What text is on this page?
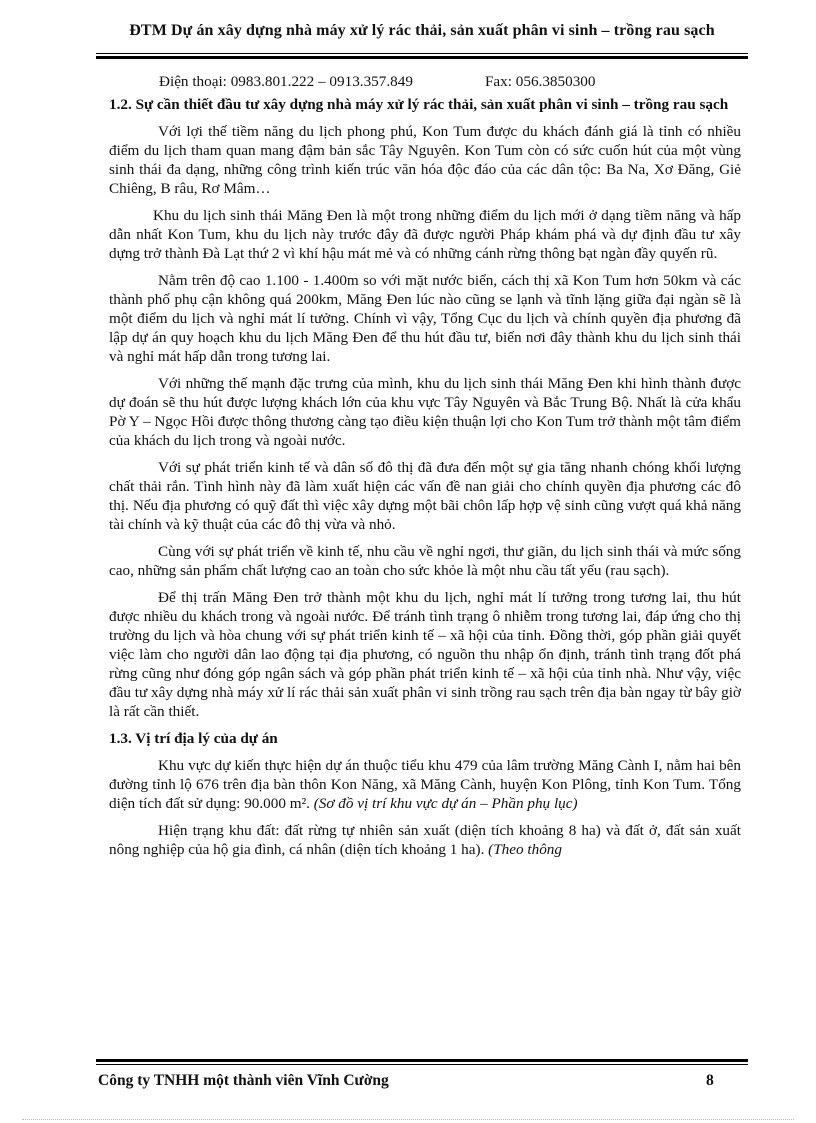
ĐTM Dự án xây dựng nhà máy xử lý rác thải, sản xuất phân vi sinh – trồng rau sạch
Điện thoại: 0983.801.222 – 0913.357.849	Fax: 056.3850300
1.2. Sự cần thiết đầu tư xây dựng nhà máy xử lý rác thải, sản xuất phân vi sinh – trồng rau sạch

Với lợi thế tiềm năng du lịch phong phú, Kon Tum được du khách đánh giá là tỉnh có nhiều điểm du lịch tham quan mang đậm bản sắc Tây Nguyên. Kon Tum còn có sức cuốn hút của một vùng sinh thái đa dạng, những công trình kiến trúc văn hóa độc đáo của các dân tộc: Ba Na, Xơ Đăng, Giẻ Chiêng, B râu, Rơ Mâm…

Khu du lịch sinh thái Măng Đen là một trong những điểm du lịch mới ở dạng tiềm năng và hấp dẫn nhất Kon Tum, khu du lịch này trước đây đã được người Pháp khám phá và dự định đầu tư xây dựng trở thành Đà Lạt thứ 2 vì khí hậu mát mẻ và có những cánh rừng thông bạt ngàn đầy quyến rũ.

Nằm trên độ cao 1.100 - 1.400m so với mặt nước biển, cách thị xã Kon Tum hơn 50km và các thành phố phụ cận không quá 200km, Măng Đen lúc nào cũng se lạnh và tĩnh lặng giữa đại ngàn sẽ là một điểm du lịch và nghỉ mát lí tưởng. Chính vì vậy, Tổng Cục du lịch và chính quyền địa phương đã lập dự án quy hoạch khu du lịch Măng Đen để thu hút đầu tư, biến nơi đây thành khu du lịch sinh thái và nghỉ mát hấp dẫn trong tương lai.

Với những thế mạnh đặc trưng của mình, khu du lịch sinh thái Măng Đen khi hình thành được dự đoán sẽ thu hút được lượng khách lớn của khu vực Tây Nguyên và Bắc Trung Bộ. Nhất là cửa khẩu Pờ Y – Ngọc Hồi được thông thương càng tạo điều kiện thuận lợi cho Kon Tum trở thành một tâm điểm của khách du lịch trong và ngoài nước.

Với sự phát triển kinh tế và dân số đô thị đã đưa đến một sự gia tăng nhanh chóng khối lượng chất thải rắn. Tình hình này đã làm xuất hiện các vấn đề nan giải cho chính quyền địa phương các đô thị. Nếu địa phương có quỹ đất thì việc xây dựng một bãi chôn lấp hợp vệ sinh cũng vượt quá khả năng tài chính và kỹ thuật của các đô thị vừa và nhỏ.

Cùng với sự phát triển về kinh tế, nhu cầu về nghỉ ngơi, thư giãn, du lịch sinh thái và mức sống cao, những sản phẩm chất lượng cao an toàn cho sức khỏe là một nhu cầu tất yếu (rau sạch).

Để thị trấn Măng Đen trở thành một khu du lịch, nghỉ mát lí tưởng trong tương lai, thu hút được nhiều du khách trong và ngoài nước. Để tránh tình trạng ô nhiễm trong tương lai, đáp ứng cho thị trường du lịch và hòa chung với sự phát triển kinh tế – xã hội của tỉnh. Đồng thời, góp phần giải quyết việc làm cho người dân lao động tại địa phương, có nguồn thu nhập ổn định, tránh tình trạng đốt phá rừng cũng như đóng góp ngân sách và góp phần phát triển kinh tế – xã hội của tỉnh nhà. Như vậy, việc đầu tư xây dựng nhà máy xử lí rác thải sản xuất phân vi sinh trồng rau sạch trên địa bàn ngay từ bây giờ là rất cần thiết.

1.3. Vị trí địa lý của dự án

Khu vực dự kiến thực hiện dự án thuộc tiểu khu 479 của lâm trường Măng Cành I, nằm hai bên đường tỉnh lộ 676 trên địa bàn thôn Kon Năng, xã Măng Cành, huyện Kon Plông, tỉnh Kon Tum. Tổng diện tích đất sử dụng: 90.000 m². (Sơ đồ vị trí khu vực dự án – Phần phụ lục)

Hiện trạng khu đất: đất rừng tự nhiên sản xuất (diện tích khoảng 8 ha) và đất ở, đất sản xuất nông nghiệp của hộ gia đình, cá nhân (diện tích khoảng 1 ha). (Theo thông

Công ty TNHH một thành viên Vĩnh Cường	8
